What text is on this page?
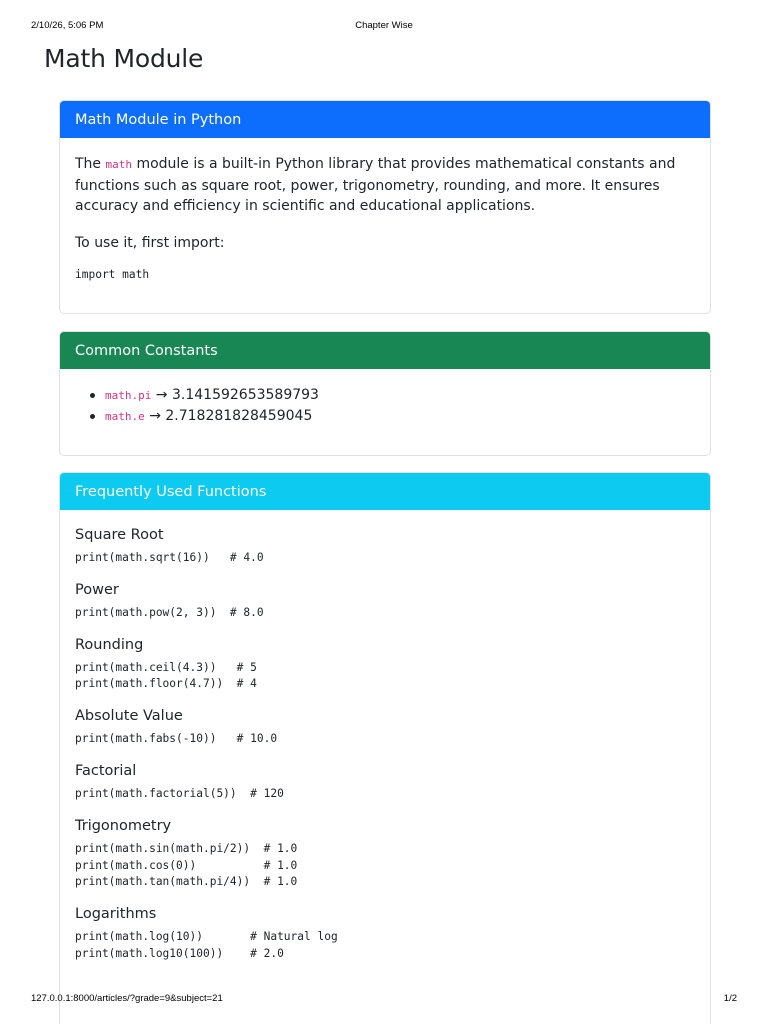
2/10/26, 5:06 PM	Chapter Wise
Math Module
Math Module in Python

The math module is a built-in Python library that provides mathematical constants and functions such as square root, power, trigonometry, rounding, and more. It ensures accuracy and efficiency in scientific and educational applications.

To use it, first import:

import math
Common Constants
math.pi → 3.141592653589793
math.e → 2.718281828459045
Frequently Used Functions
Square Root
print(math.sqrt(16))   # 4.0
Power
print(math.pow(2, 3))  # 8.0
Rounding
print(math.ceil(4.3))   # 5
print(math.floor(4.7))  # 4
Absolute Value
print(math.fabs(-10))   # 10.0
Factorial
print(math.factorial(5))  # 120
Trigonometry
print(math.sin(math.pi/2))  # 1.0
print(math.cos(0))          # 1.0
print(math.tan(math.pi/4))  # 1.0
Logarithms
print(math.log(10))       # Natural log
print(math.log10(100))    # 2.0
127.0.0.1:8000/articles/?grade=9&subject=21	1/2
